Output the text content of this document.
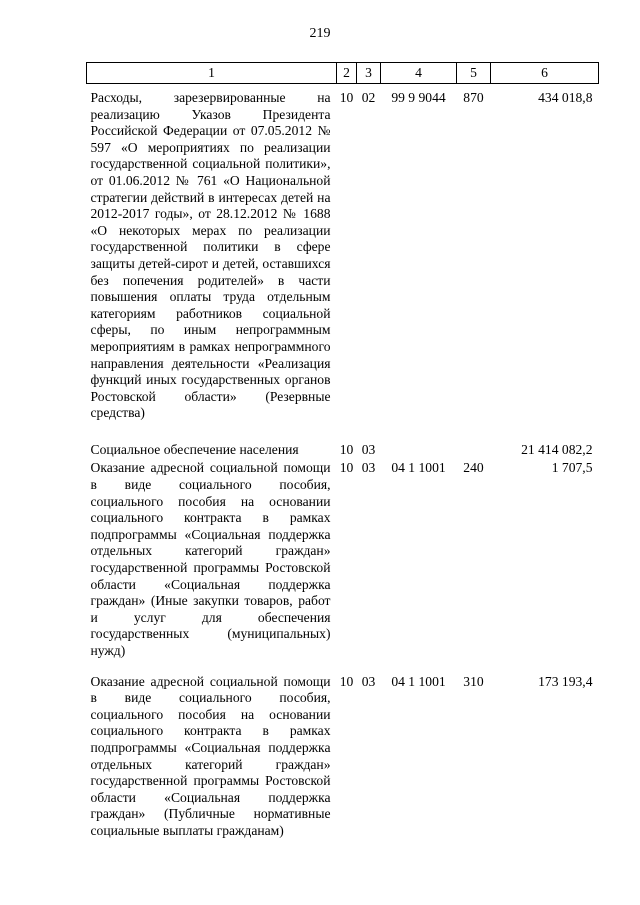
219
1	2	3	4	5	6
Расходы, зарезервированные на реализацию Указов Президента Российской Федерации от 07.05.2012 № 597 «О мероприятиях по реализации государственной социальной политики», от 01.06.2012 № 761 «О Национальной стратегии действий в интересах детей на 2012-2017 годы», от 28.12.2012 № 1688 «О некоторых мерах по реализации государственной политики в сфере защиты детей-сирот и детей, оставшихся без попечения родителей» в части повышения оплаты труда отдельным категориям работников социальной сферы, по иным непрограммным мероприятиям в рамках непрограммного направления деятельности «Реализация функций иных государственных органов Ростовской области» (Резервные средства)	10	02	99 9 9044	870	434 018,8
Социальное обеспечение населения	10	03			21 414 082,2
Оказание адресной социальной помощи в виде социального пособия, социального пособия на основании социального контракта в рамках подпрограммы «Социальная поддержка отдельных категорий граждан» государственной программы Ростовской области «Социальная поддержка граждан» (Иные закупки товаров, работ и услуг для обеспечения государственных (муниципальных) нужд)	10	03	04 1 1001	240	1 707,5
Оказание адресной социальной помощи в виде социального пособия, социального пособия на основании социального контракта в рамках подпрограммы «Социальная поддержка отдельных категорий граждан» государственной программы Ростовской области «Социальная поддержка граждан» (Публичные нормативные социальные выплаты гражданам)	10	03	04 1 1001	310	173 193,4
